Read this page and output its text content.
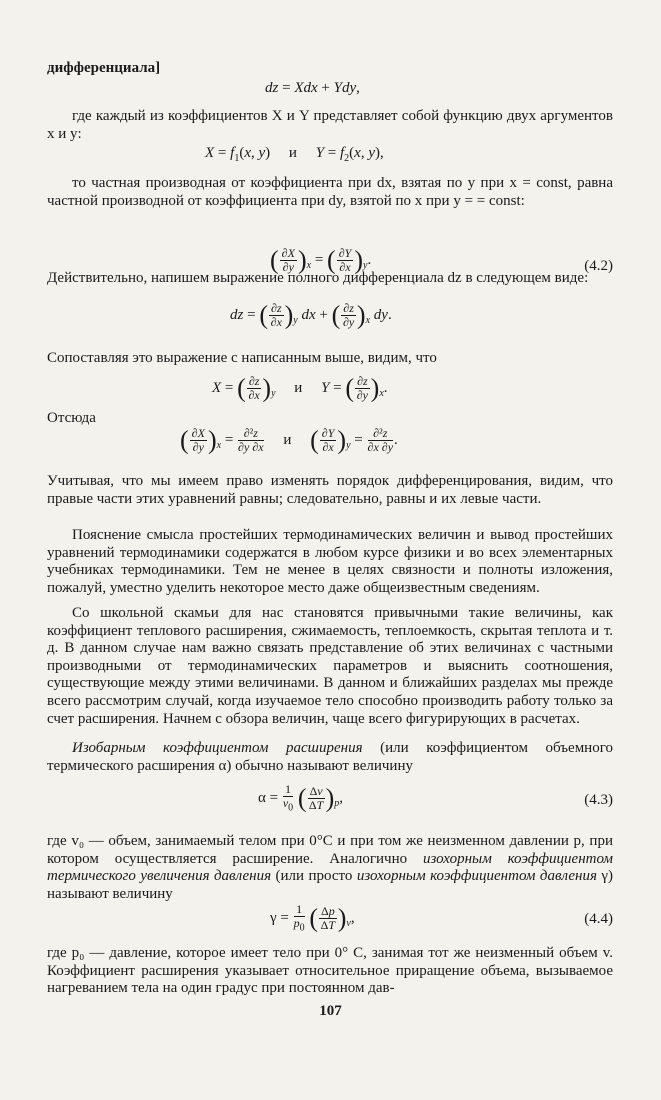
дифференциала]
dz = Xdx + Ydy,

где каждый из коэффициентов X и Y представляет собой функцию двух аргументов x и y:

$X = f_1(x$, y)     и     $Y = f_2(x$, y),

то частная производная от коэффициента при dx, взятая по y при x = const, равна частной производной от коэффициента при dy, взятой по x при y = = const:

( $\frac{\partial X}{\partial y} )_x$ = ( $\frac{\partial Y}{\partial x} )_y$.	(4.2)

Действительно, напишем выражение полного дифференциала dz в следующем виде:

dz = ( $\frac{\partial z}{\partial x} )_y$ dx + ( $\frac{\partial z}{\partial y} )_x$ dy.

Сопоставляя это выражение с написанным выше, видим, что

X = ( $\frac{\partial z}{\partial x} )_y$ и Y = ( $\frac{\partial z}{\partial y} )_x$.

Отсюда

( $\frac{\partial X}{\partial y} )_x = \frac{\text{∂²z}}{\partial y \partial x}$ и     ( $\frac{\partial Y}{\partial x} )_y = \frac{\text{∂²z}}{\partial x \partial y}$ .

Учитывая, что мы имеем право изменять порядок дифференцирования, видим, что правые части этих уравнений равны; следовательно, равны и их левые части.

Пояснение смысла простейших термодинамических величин и вывод простейших уравнений термодинамики содержатся в любом курсе физики и во всех элементарных учебниках термодинамики. Тем не менее в целях связности и полноты изложения, пожалуй, уместно уделить некоторое место даже общеизвестным сведениям.

Со школьной скамьи для нас становятся привычными такие величины, как коэффициент теплового расширения, сжимаемость, теплоемкость, скрытая теплота и т. д. В данном случае нам важно связать представление об этих величинах с частными производными от термодинамических параметров и выяснить соотношения, существующие между этими величинами. В данном и ближайших разделах мы прежде всего рассмотрим случай, когда изучаемое тело способно производить работу только за счет расширения. Начнем с обзора величин, чаще всего фигурирующих в расчетах.

Изобарным коэффициентом расширения (или коэффициентом объемного термического расширения α) обычно называют величину

$\alpha = \frac{1}{v_0}$ ( $\frac{\Delta v}{\Delta T} )_p$,	(4.3)

где v₀ — объем, занимаемый телом при 0°C и при том же неизменном давлении p, при котором осуществляется расширение. Аналогично изохорным коэффициентом термического увеличения давления (или просто изохорным коэффициентом давления γ) называют величину

$\gamma = \frac{1}{p_0}$ ( $\frac{\Delta p}{\Delta T} )_v$,	(4.4)

где p₀ — давление, которое имеет тело при 0° C, занимая тот же неизменный объем v. Коэффициент расширения указывает относительное приращение объема, вызываемое нагреванием тела на один градус при постоянном дав-

107
